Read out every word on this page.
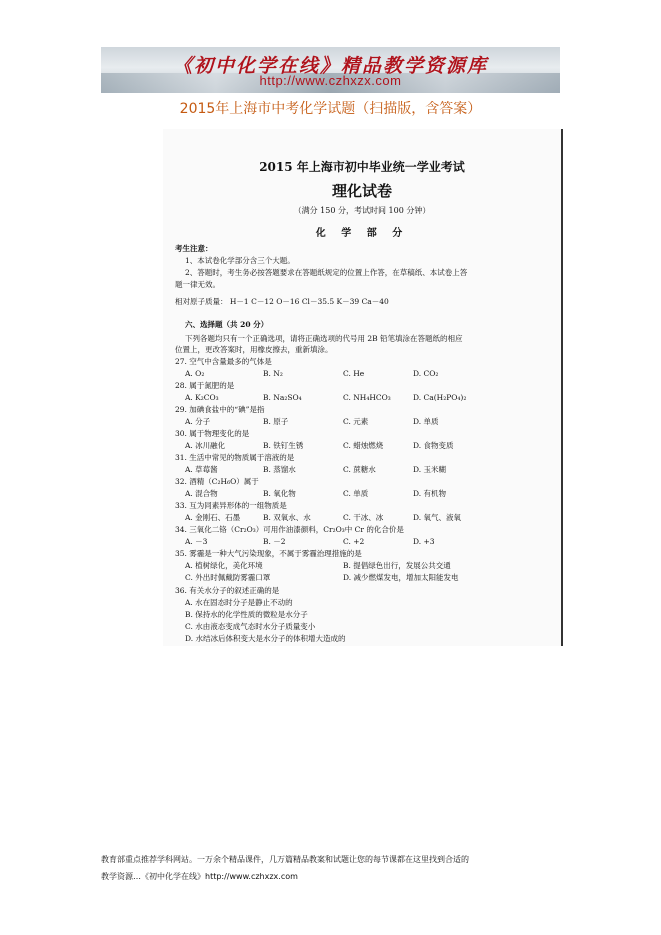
《初中化学在线》精品教学资源库
http://www.czhxzx.com
2015年上海市中考化学试题（扫描版，含答案）
2015 年上海市初中毕业统一学业考试
理化试卷
（满分 150 分，考试时间 100 分钟）
化 学 部 分
考生注意：
1、本试卷化学部分含三个大题。
2、答题时，考生务必按答题要求在答题纸规定的位置上作答，在草稿纸、本试卷上答
题一律无效。
相对原子质量： H－1 C－12 O－16 Cl－35.5 K－39 Ca－40
六、选择题（共 20 分）
下列各题均只有一个正确选项，请将正确选项的代号用 2B 铅笔填涂在答题纸的相应
位置上，更改答案时，用橡皮擦去，重新填涂。
27. 空气中含量最多的气体是
A. O₂	B. N₂	C. He	D. CO₂
28. 属于氮肥的是
A. K₂CO₃	B. Na₂SO₄	C. NH₄HCO₃	D. Ca(H₂PO₄)₂
29. 加碘食盐中的“碘”是指
A. 分子	B. 原子	C. 元素	D. 单质
30. 属于物理变化的是
A. 冰川融化	B. 铁钉生锈	C. 蜡烛燃烧	D. 食物变质
31. 生活中常见的物质属于溶液的是
A. 草莓酱	B. 蒸馏水	C. 蔗糖水	D. 玉米糊
32. 酒精（C₂H₆O）属于
A. 混合物	B. 氧化物	C. 单质	D. 有机物
33. 互为同素异形体的一组物质是
A. 金刚石、石墨	B. 双氧水、水	C. 干冰、冰	D. 氧气、液氧
34. 三氧化二铬（Cr₂O₃）可用作油漆颜料，Cr₂O₃中 Cr 的化合价是
A. －3	B. －2	C. +2	D. +3
35. 雾霾是一种大气污染现象，不属于雾霾治理措施的是
A. 植树绿化，美化环境	B. 提倡绿色出行，发展公共交通
C. 外出时佩戴防雾霾口罩	D. 减少燃煤发电，增加太阳能发电
36. 有关水分子的叙述正确的是
A. 水在固态时分子是静止不动的
B. 保持水的化学性质的微粒是水分子
C. 水由液态变成气态时水分子质量变小
D. 水结冰后体积变大是水分子的体积增大造成的
教育部重点推荐学科网站。一万余个精品课件，几万篇精品教案和试题让您的每节课都在这里找到合适的
教学资源…《初中化学在线》http://www.czhxzx.com
